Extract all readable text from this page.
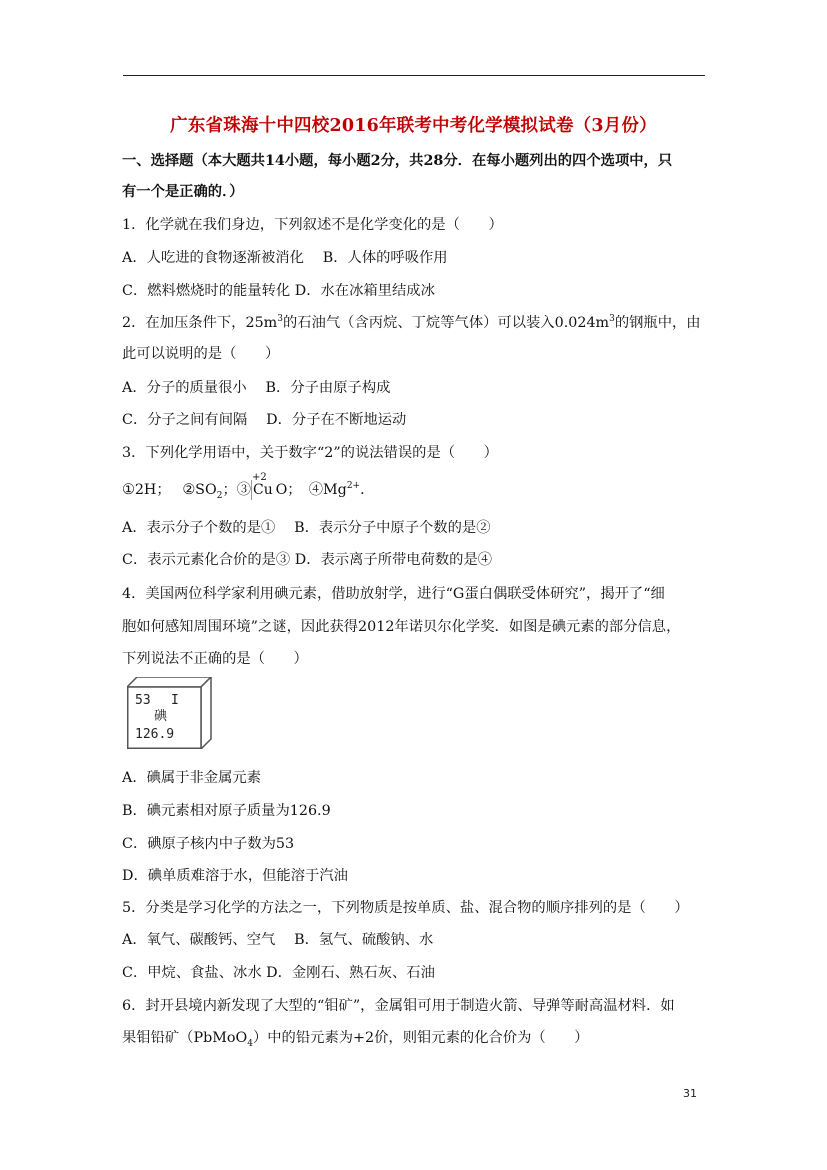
广东省珠海十中四校2016年联考中考化学模拟试卷（3月份）
一、选择题（本大题共14小题，每小题2分，共28分．在每小题列出的四个选项中，只
有一个是正确的．）
1．化学就在我们身边，下列叙述不是化学变化的是（　　）
A．人吃进的食物逐渐被消化　 B．人体的呼吸作用
C．燃料燃烧时的能量转化 D．水在冰箱里结成冰
2．在加压条件下，$25m^3$的石油气（含丙烷、丁烷等气体）可以装入$0.024m^3$的钢瓶中，由
此可以说明的是（　　）
A．分子的质量很小　 B．分子由原子构成
C．分子之间有间隔　 D．分子在不断地运动
3．下列化学用语中，关于数字“2”的说法错误的是（　　）
①2H；　 $②SO_2$；③
+2
Cu
O；　$④Mg^{2+}$．
A．表示分子个数的是①　 B．表示分子中原子个数的是②
C．表示元素化合价的是③ D．表示离子所带电荷数的是④
4．美国两位科学家利用碘元素，借助放射学，进行“G蛋白偶联受体研究”，揭开了“细
胞如何感知周围环境”之谜，因此获得2012年诺贝尔化学奖．如图是碘元素的部分信息，
下列说法不正确的是（　　）
53 I
碘
126.9
A．碘属于非金属元素
B．碘元素相对原子质量为126.9
C．碘原子核内中子数为53
D．碘单质难溶于水，但能溶于汽油
5．分类是学习化学的方法之一，下列物质是按单质、盐、混合物的顺序排列的是（　　）
A．氧气、碳酸钙、空气　 B．氢气、硫酸钠、水
C．甲烷、食盐、冰水 D．金刚石、熟石灰、石油
6．封开县境内新发现了大型的“钼矿”，金属钼可用于制造火箭、导弹等耐高温材料．如
果钼铅矿（PbMoO$_4$）中的铅元素为+2价，则钼元素的化合价为（　　）
31
